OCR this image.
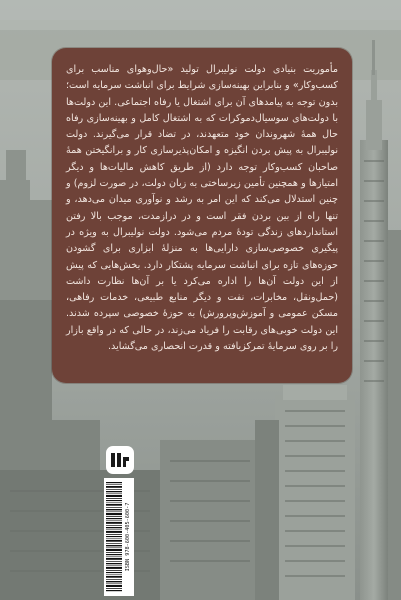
مأموریت بنیادی دولت نولیبرال تولید «حال‌وهوای مناسب برای کسب‌وکار» و بنابراین بهینه‌سازی شرایط برای انباشت سرمایه است؛ بدون توجه به پیامدهای آن برای اشتغال یا رفاه اجتماعی. این دولت‌ها با دولت‌های سوسیال‌دموکرات که به اشتغال کامل و بهینه‌سازی رفاه حال همهٔ شهروندان خود متعهدند، در تضاد قرار می‌گیرند. دولت نولیبرال به پیش بردن انگیزه و امکان‌پذیرسازی کار و برانگیختن همهٔ صاحبان کسب‌وکار توجه دارد (از طریق کاهش مالیات‌ها و دیگر امتیازها و همچنین تأمین زیرساختی به زبان دولت، در صورت لزوم) و چنین استدلال می‌کند که این امر به رشد و نوآوری میدان می‌دهد، و تنها راه از بین بردن فقر است و در درازمدت، موجب بالا رفتن استانداردهای زندگی تودهٔ مردم می‌شود. دولت نولیبرال به ویژه در پیگیری خصوصی‌سازی دارایی‌ها به منزلهٔ ابزاری برای گشودن حوزه‌های تازه برای انباشت سرمایه پشتکار دارد. بخش‌هایی که پیش از این دولت آن‌ها را اداره می‌کرد یا بر آن‌ها نظارت داشت (حمل‌ونقل، مخابرات، نفت و دیگر منابع طبیعی، خدمات رفاهی، مسکن عمومی و آموزش‌وپرورش) به حوزهٔ خصوصی سپرده شدند. این دولت خوبی‌های رقابت را فریاد می‌زند، در حالی که در واقع بازار را بر روی سرمایهٔ تمرکزیافته و قدرت انحصاری می‌گشاید.

ISBN 978-600-405-600-7
